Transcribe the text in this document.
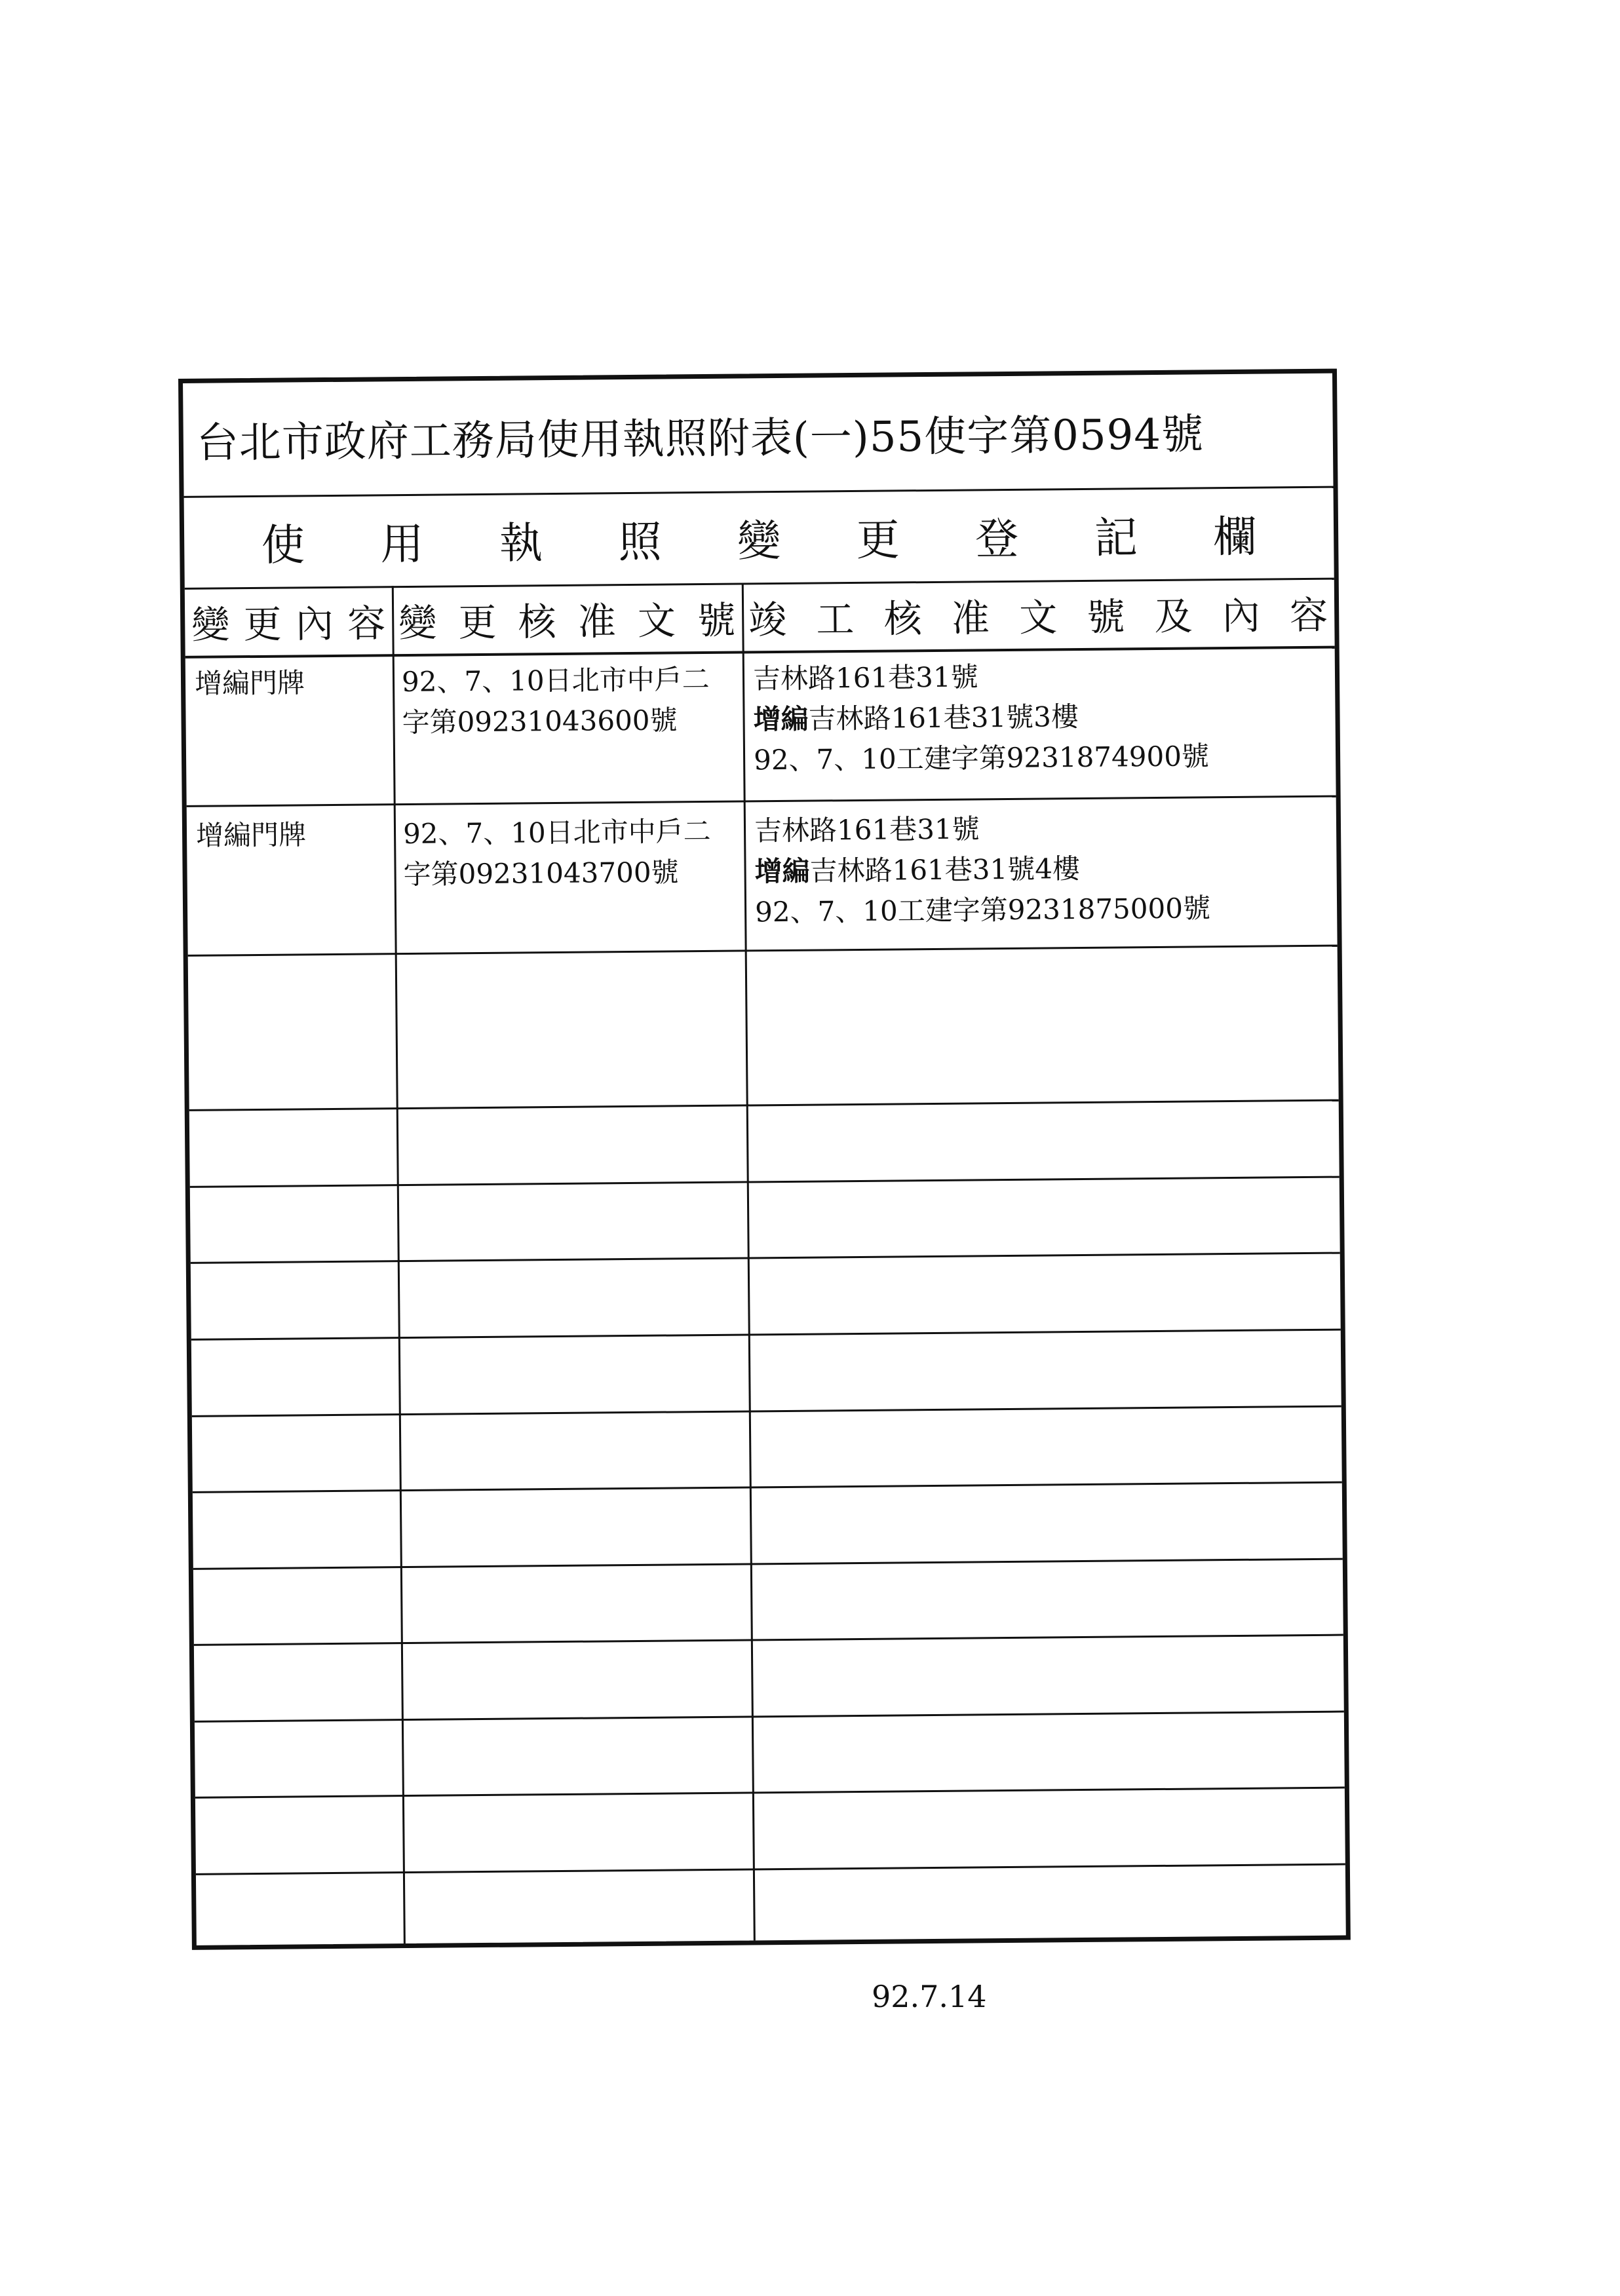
台北市政府工務局使用執照附表(一)55使字第0594號
使 用 執 照 變 更 登 記 欄
變 更 內 容 變 更 核 准 文 號 竣 工 核 准 文 號 及 內 容
增編門牌	92、7、10日北市中戶二
字第09231043600號
吉林路161巷31號
增編吉林路161巷31號3樓
92、7、10工建字第9231874900號
增編門牌	92、7、10日北市中戶二
字第09231043700號
吉林路161巷31號
增編吉林路161巷31號4樓
92、7、10工建字第9231875000號
92.7.14
